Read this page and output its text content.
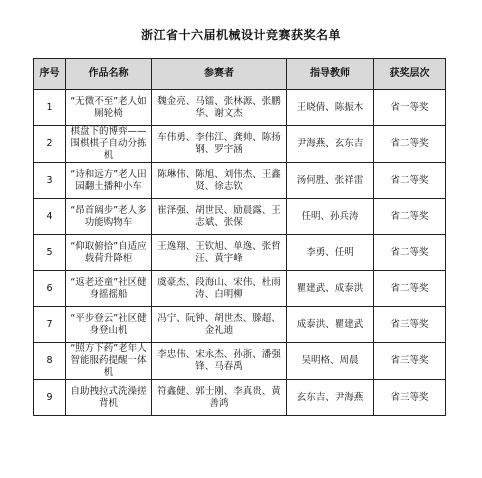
浙江省十六届机械设计竞赛获奖名单
序号	作品名称	参赛者	指导教师	获奖层次
1	“无微不至”老人如厕轮椅	魏金亮、马镭、张林源、张鹏华、谢文杰	王晓倩、陈振木	省一等奖
2	棋盘下的博弈——围棋棋子自动分拣机	车伟勇、李伟江、龚帅、陈扬钢、罗宇涵	尹海燕、玄东吉	省二等奖
3	“诗和远方”老人田园翻土播种小车	陈琳伟、陈旭、刘伟杰、王鑫贤、徐志钦	汤何胜、张祥雷	省二等奖
4	“昂首阔步”老人多功能购物车	崔泽强、胡世民、励晨露、王志斌、张保	任明、孙兵涛	省二等奖
5	“仰取俯拾”自适应载荷升降柜	王逸翔、王钦旭、单逸、张哲汪、黄宇峰	李勇、任明	省二等奖
6	“返老还童”社区健身摇摇船	虞豪杰、段海山、宋伟、杜雨涛、白明柳	瞿建武、成泰洪	省二等奖
7	“平步登云”社区健身登山机	冯宁、阮钟、胡世杰、滕超、金礼迪	成泰洪、瞿建武	省三等奖
8	“照方下药”老年人智能服药提醒一体机	李忠伟、宋永杰、孙浙、潘强锋、马春禹	吴明格、周晨	省三等奖
9	自助拽拉式洗澡搓背机	符鑫健、郭士刚、李真贵、黄善鸿	玄东吉、尹海燕	省三等奖
